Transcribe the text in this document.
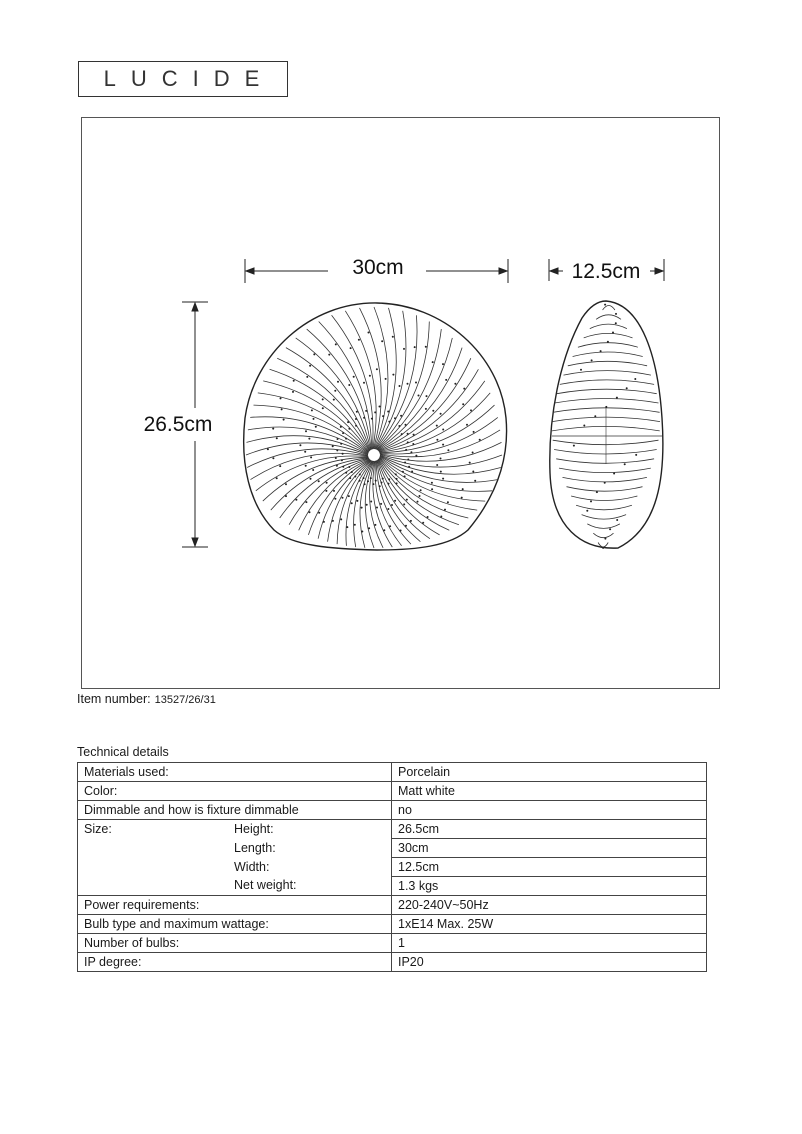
LUCIDE
30cm	12.5cm
26.5cm
Item number: 13527/26/31
Technical details
Materials used:	Porcelain
Color:	Matt white
Dimmable and how is fixture dimmable	no
Size: Height:	26.5cm
Length:	30cm
Width:	12.5cm
Net weight:	1.3 kgs
Power requirements:	220-240V~50Hz
Bulb type and maximum wattage:	1xE14 Max. 25W
Number of bulbs:	1
IP degree:	IP20
